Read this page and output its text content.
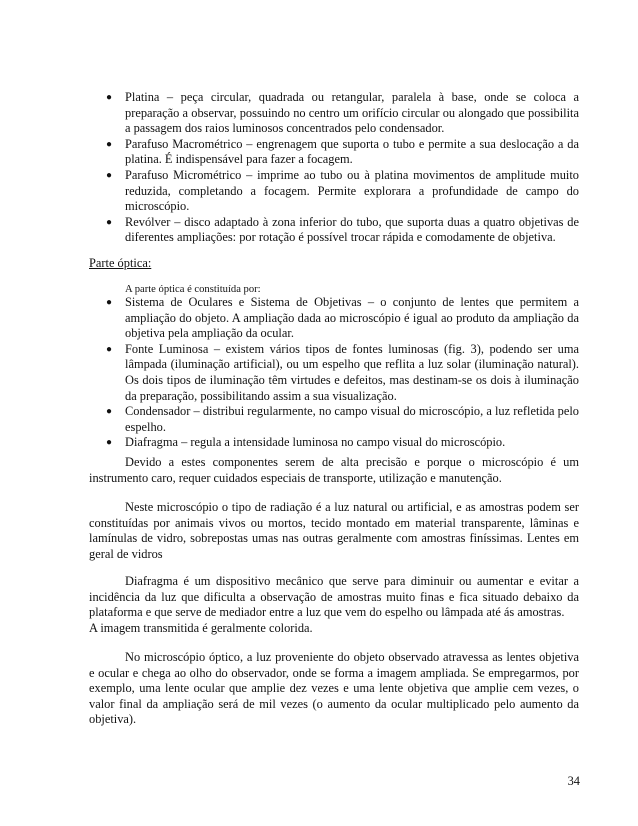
●	Platina – peça circular, quadrada ou retangular, paralela à base, onde se coloca a preparação a observar, possuindo no centro um orifício circular ou alongado que possibilita a passagem dos raios luminosos concentrados pelo condensador.

●	Parafuso Macrométrico – engrenagem que suporta o tubo e permite a sua deslocação a da platina. É indispensável para fazer a focagem.

●	Parafuso Micrométrico – imprime ao tubo ou à platina movimentos de amplitude muito reduzida, completando a focagem. Permite explorara a profundidade de campo do microscópio.

●	Revólver – disco adaptado à zona inferior do tubo, que suporta duas a quatro objetivas de diferentes ampliações: por rotação é possível trocar rápida e comodamente de objetiva.

Parte óptica:

A parte óptica é constituída por:

●	Sistema de Oculares e Sistema de Objetivas – o conjunto de lentes que permitem a ampliação do objeto. A ampliação dada ao microscópio é igual ao produto da ampliação da objetiva pela ampliação da ocular.

●	Fonte Luminosa – existem vários tipos de fontes luminosas (fig. 3), podendo ser uma lâmpada (iluminação artificial), ou um espelho que reflita a luz solar (iluminação natural). Os dois tipos de iluminação têm virtudes e defeitos, mas destinam-se os dois à iluminação da preparação, possibilitando assim a sua visualização.

●	Condensador – distribui regularmente, no campo visual do microscópio, a luz refletida pelo espelho.

●	Diafragma – regula a intensidade luminosa no campo visual do microscópio.

Devido a estes componentes serem de alta precisão e porque o microscópio é um instrumento caro, requer cuidados especiais de transporte, utilização e manutenção.

Neste microscópio o tipo de radiação é a luz natural ou artificial, e as amostras podem ser constituídas por animais vivos ou mortos, tecido montado em material transparente, lâminas e lamínulas de vidro, sobrepostas umas nas outras geralmente com amostras finíssimas. Lentes em geral de vidros

Diafragma é um dispositivo mecânico que serve para diminuir ou aumentar e evitar a incidência da luz que dificulta a observação de amostras muito finas e fica situado debaixo da plataforma e que serve de mediador entre a luz que vem do espelho ou lâmpada até ás amostras.

A imagem transmitida é geralmente colorida.

No microscópio óptico, a luz proveniente do objeto observado atravessa as lentes objetiva e ocular e chega ao olho do observador, onde se forma a imagem ampliada. Se empregarmos, por exemplo, uma lente ocular que amplie dez vezes e uma lente objetiva que amplie cem vezes, o valor final da ampliação será de mil vezes (o aumento da ocular multiplicado pelo aumento da objetiva).

34
